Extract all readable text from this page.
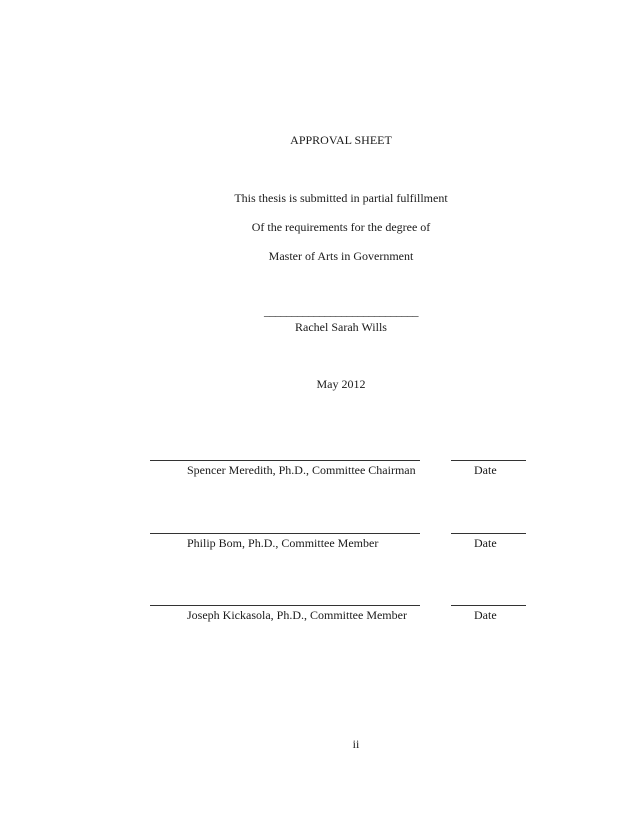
APPROVAL SHEET
This thesis is submitted in partial fulfillment
Of the requirements for the degree of
Master of Arts in Government
____________________________
Rachel Sarah Wills
May 2012
Spencer Meredith, Ph.D., Committee Chairman	Date
Philip Bom, Ph.D., Committee Member	Date
Joseph Kickasola, Ph.D., Committee Member	Date
ii
